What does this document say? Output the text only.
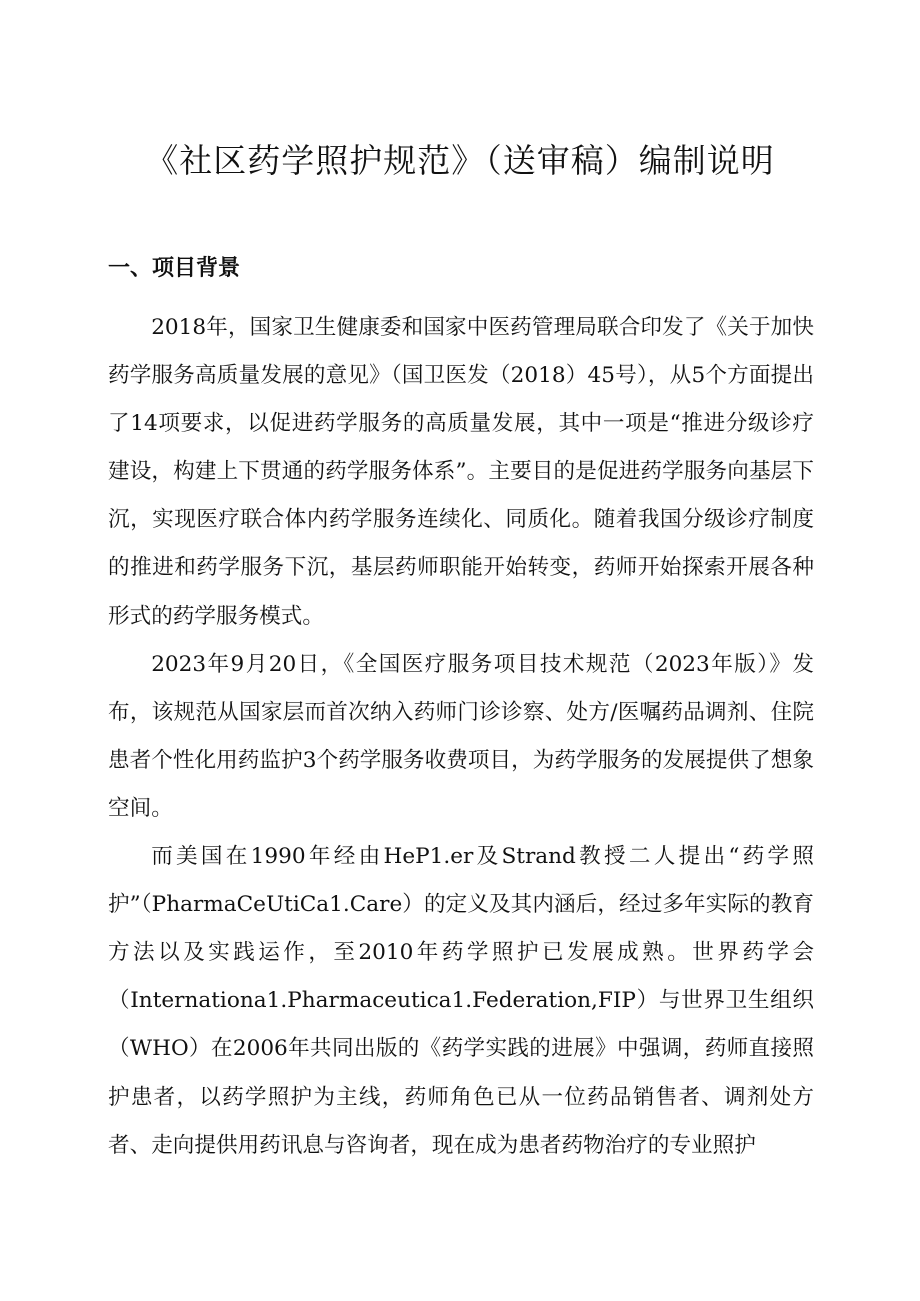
《社区药学照护规范》（送审稿）编制说明
一、项目背景

2018年，国家卫生健康委和国家中医药管理局联合印发了《关于加快药学服务高质量发展的意见》（国卫医发（2018）45号），从5个方面提出了14项要求，以促进药学服务的高质量发展，其中一项是“推进分级诊疗建设，构建上下贯通的药学服务体系”。主要目的是促进药学服务向基层下沉，实现医疗联合体内药学服务连续化、同质化。随着我国分级诊疗制度的推进和药学服务下沉，基层药师职能开始转变，药师开始探索开展各种形式的药学服务模式。

2023年9月20日，《全国医疗服务项目技术规范（2023年版）》发布，该规范从国家层而首次纳入药师门诊诊察、处方/医嘱药品调剂、住院患者个性化用药监护3个药学服务收费项目，为药学服务的发展提供了想象空间。

而美国在1990年经由HeP1.er及Strand教授二人提出“药学照护”（PharmaCeUtiCa1.Care）的定义及其内涵后，经过多年实际的教育方法以及实践运作，至2010年药学照护已发展成熟。世界药学会（Internationa1.Pharmaceutica1.Federation,FIP）与世界卫生组织（WHO）在2006年共同出版的《药学实践的进展》中强调，药师直接照护患者，以药学照护为主线，药师角色已从一位药品销售者、调剂处方者、走向提供用药讯息与咨询者，现在成为患者药物治疗的专业照护
